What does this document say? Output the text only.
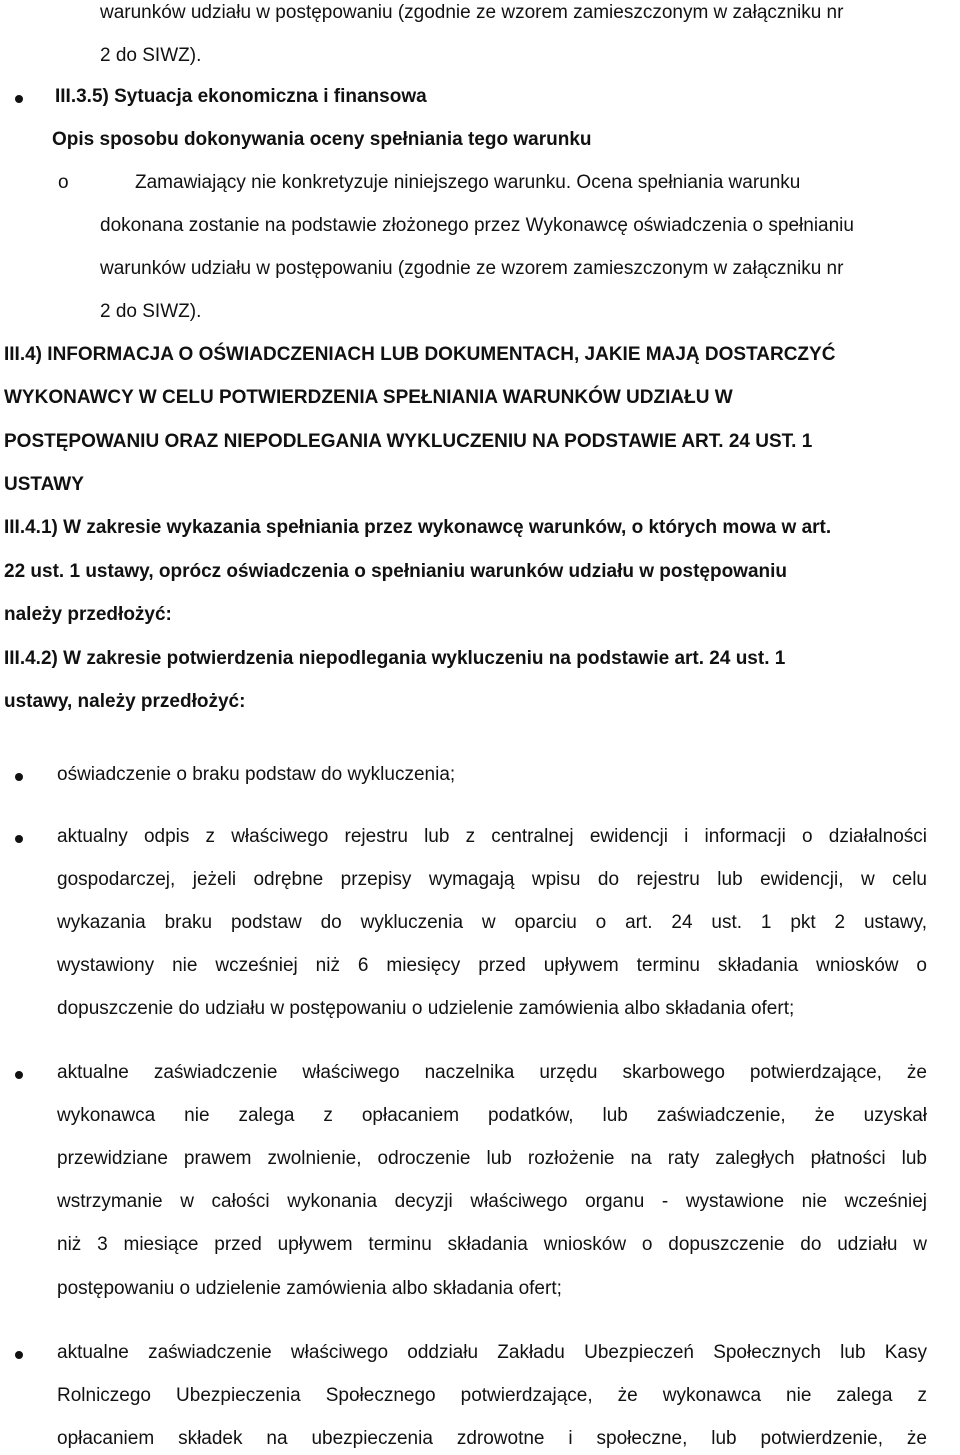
warunków udziału w postępowaniu (zgodnie ze wzorem zamieszczonym w załączniku nr
2 do SIWZ).
III.3.5) Sytuacja ekonomiczna i finansowa
Opis sposobu dokonywania oceny spełniania tego warunku
o	Zamawiający nie konkretyzuje niniejszego warunku. Ocena spełniania warunku
dokonana zostanie na podstawie złożonego przez Wykonawcę oświadczenia o spełnianiu
warunków udziału w postępowaniu (zgodnie ze wzorem zamieszczonym w załączniku nr
2 do SIWZ).
III.4) INFORMACJA O OŚWIADCZENIACH LUB DOKUMENTACH, JAKIE MAJĄ DOSTARCZYĆ
WYKONAWCY W CELU POTWIERDZENIA SPEŁNIANIA WARUNKÓW UDZIAŁU W
POSTĘPOWANIU ORAZ NIEPODLEGANIA WYKLUCZENIU NA PODSTAWIE ART. 24 UST. 1
USTAWY
III.4.1) W zakresie wykazania spełniania przez wykonawcę warunków, o których mowa w art.
22 ust. 1 ustawy, oprócz oświadczenia o spełnianiu warunków udziału w postępowaniu
należy przedłożyć:
III.4.2) W zakresie potwierdzenia niepodlegania wykluczeniu na podstawie art. 24 ust. 1
ustawy, należy przedłożyć:
oświadczenie o braku podstaw do wykluczenia;
aktualny odpis z właściwego rejestru lub z centralnej ewidencji i informacji o działalności
gospodarczej, jeżeli odrębne przepisy wymagają wpisu do rejestru lub ewidencji, w celu
wykazania braku podstaw do wykluczenia w oparciu o art. 24 ust. 1 pkt 2 ustawy,
wystawiony nie wcześniej niż 6 miesięcy przed upływem terminu składania wniosków o
dopuszczenie do udziału w postępowaniu o udzielenie zamówienia albo składania ofert;
aktualne zaświadczenie właściwego naczelnika urzędu skarbowego potwierdzające, że
wykonawca nie zalega z opłacaniem podatków, lub zaświadczenie, że uzyskał
przewidziane prawem zwolnienie, odroczenie lub rozłożenie na raty zaległych płatności lub
wstrzymanie w całości wykonania decyzji właściwego organu - wystawione nie wcześniej
niż 3 miesiące przed upływem terminu składania wniosków o dopuszczenie do udziału w
postępowaniu o udzielenie zamówienia albo składania ofert;
aktualne zaświadczenie właściwego oddziału Zakładu Ubezpieczeń Społecznych lub Kasy
Rolniczego Ubezpieczenia Społecznego potwierdzające, że wykonawca nie zalega z
opłacaniem składek na ubezpieczenia zdrowotne i społeczne, lub potwierdzenie, że
